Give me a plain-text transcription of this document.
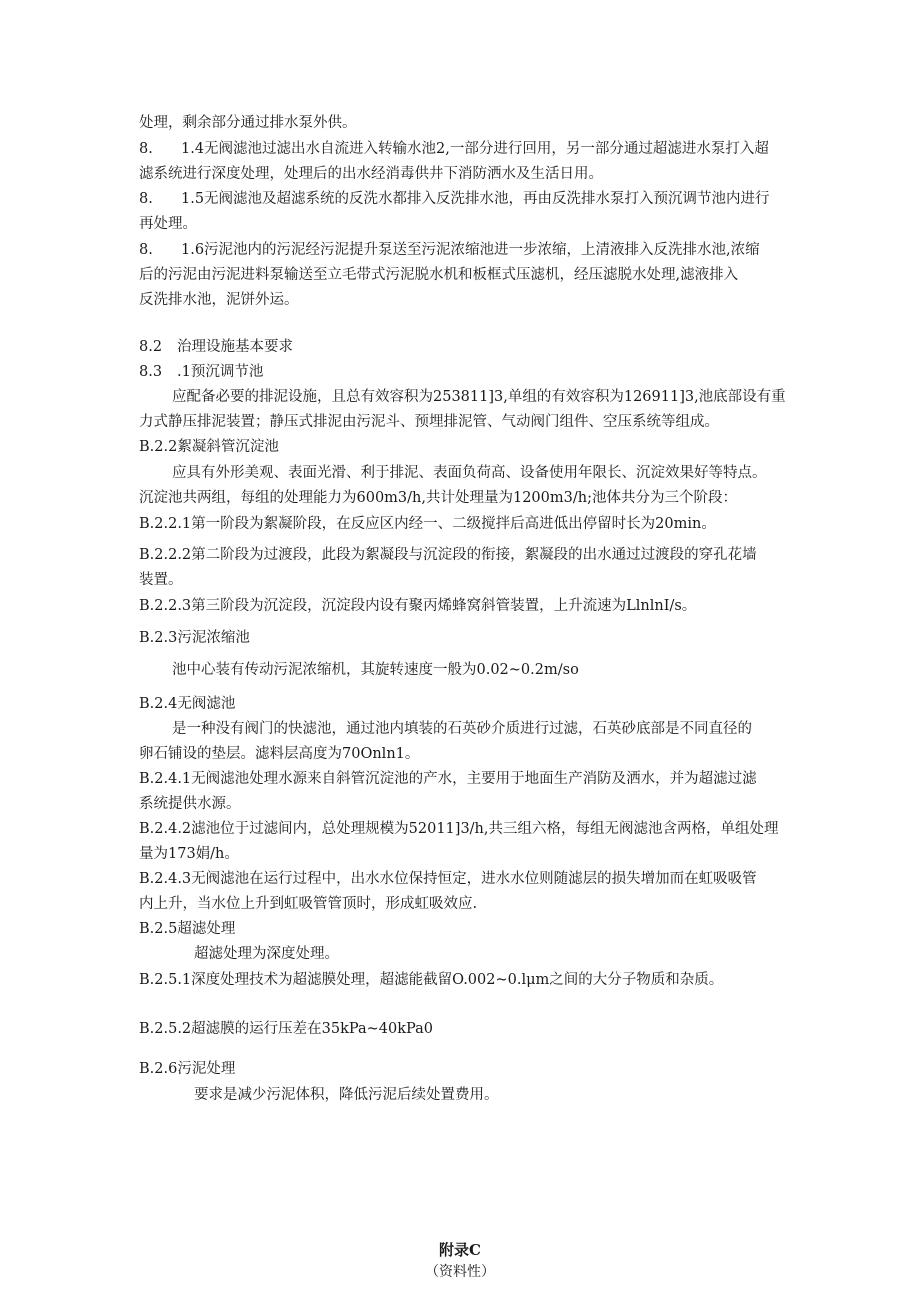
处理，剩余部分通过排水泵外供。
8. 1.4无阀滤池过滤出水自流进入转输水池2,一部分进行回用，另一部分通过超滤进水泵打入超
滤系统进行深度处理，处理后的出水经消毒供井下消防洒水及生活日用。
8. 1.5无阀滤池及超滤系统的反洗水都排入反洗排水池，再由反洗排水泵打入预沉调节池内进行
再处理。
8. 1.6污泥池内的污泥经污泥提升泵送至污泥浓缩池进一步浓缩，上清液排入反洗排水池,浓缩
后的污泥由污泥进料泵输送至立毛带式污泥脱水机和板框式压滤机，经压滤脱水处理,滤液排入
反洗排水池，泥饼外运。
8.2 治理设施基本要求
8.3 .1预沉调节池
应配备必要的排泥设施，且总有效容积为253811]3,单组的有效容积为126911]3,池底部设有重
力式静压排泥装置；静压式排泥由污泥斗、预埋排泥管、气动阀门组件、空压系统等组成。
B.2.2絮凝斜管沉淀池
应具有外形美观、表面光滑、利于排泥、表面负荷高、设备使用年限长、沉淀效果好等特点。
沉淀池共两组，每组的处理能力为600m3/h,共计处理量为1200m3/h;池体共分为三个阶段：
B.2.2.1第一阶段为絮凝阶段，在反应区内经一、二级搅拌后高进低出停留时长为20min。
B.2.2.2第二阶段为过渡段，此段为絮凝段与沉淀段的衔接，絮凝段的出水通过过渡段的穿孔花墙
装置。
B.2.2.3第三阶段为沉淀段，沉淀段内设有聚丙烯蜂窝斜管装置，上升流速为LlnlnI/s。
B.2.3污泥浓缩池
池中心装有传动污泥浓缩机，其旋转速度一般为0.02~0.2m∕so
B.2.4无阀滤池
是一种没有阀门的快滤池，通过池内填装的石英砂介质进行过滤，石英砂底部是不同直径的
卵石铺设的垫层。滤料层高度为70Onln1。
B.2.4.1无阀滤池处理水源来自斜管沉淀池的产水，主要用于地面生产消防及洒水，并为超滤过滤
系统提供水源。
B.2.4.2滤池位于过滤间内，总处理规模为52011]3/h,共三组六格，每组无阀滤池含两格，单组处理
量为173娟/h。
B.2.4.3无阀滤池在运行过程中，出水水位保持恒定，进水水位则随滤层的损失增加而在虹吸吸管
内上升，当水位上升到虹吸管管顶时，形成虹吸效应.
B.2.5超滤处理
超滤处理为深度处理。
B.2.5.1深度处理技术为超滤膜处理，超滤能截留O.002~0.lμm之间的大分子物质和杂质。
B.2.5.2超滤膜的运行压差在35kPa~40kPa0
B.2.6污泥处理
要求是减少污泥体积，降低污泥后续处置费用。
附录C
（资料性）
